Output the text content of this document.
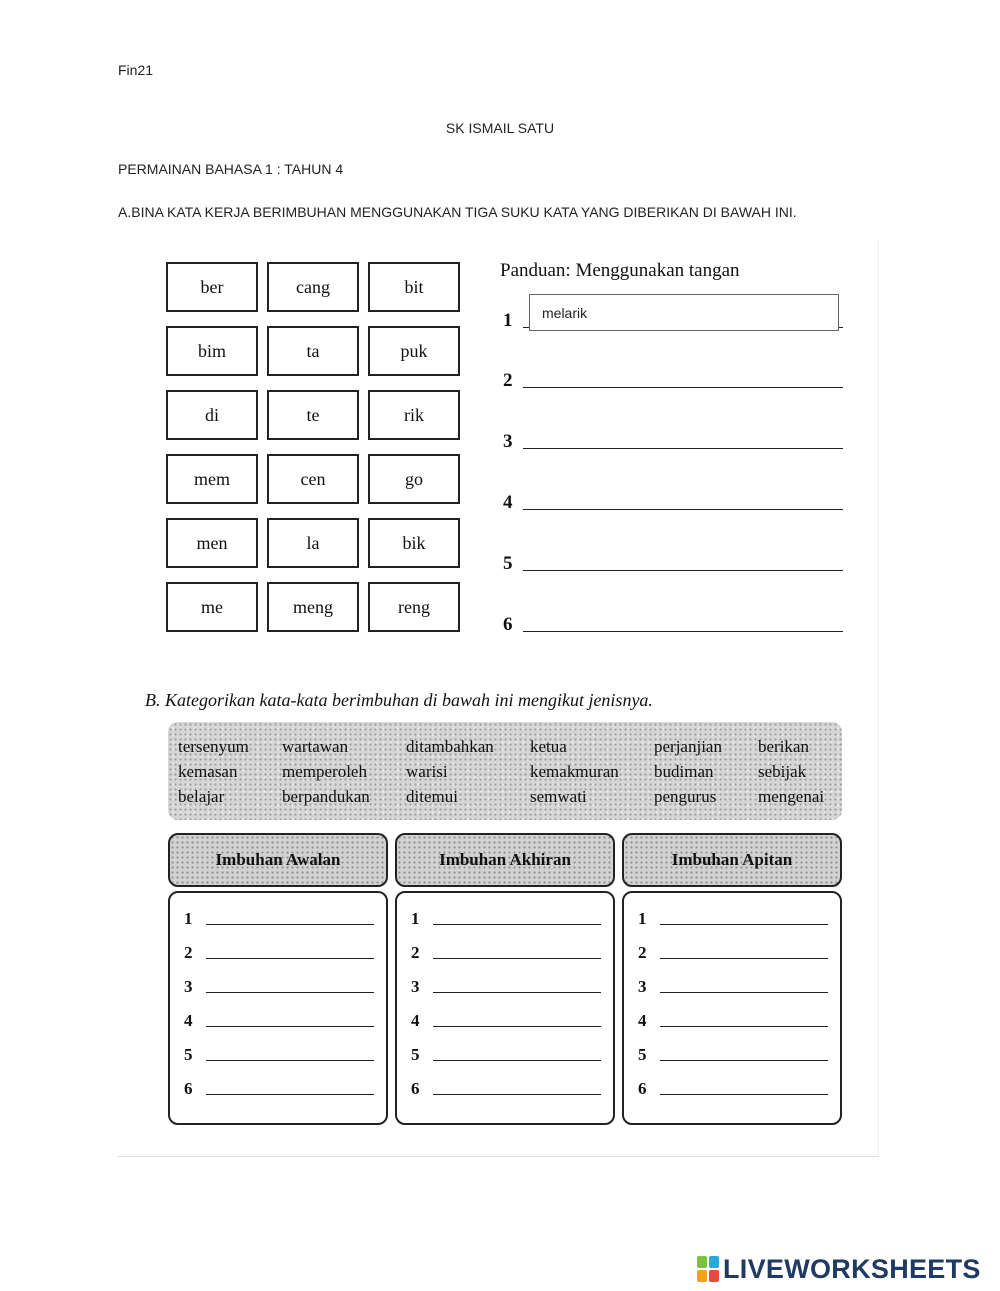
Fin21
SK ISMAIL SATU
PERMAINAN BAHASA 1 : TAHUN 4
A.BINA KATA KERJA BERIMBUHAN MENGGUNAKAN TIGA SUKU KATA YANG DIBERIKAN DI BAWAH INI.
ber	cang	bit
bim	ta	puk
di	te	rik
mem	cen	go
men	la	bik
me	meng	reng
Panduan: Menggunakan tangan
1
2
3
4
5
6
melarik
B. Kategorikan kata-kata berimbuhan di bawah ini mengikut jenisnya.
tersenyum	wartawan	ditambahkan	ketua	perjanjian	berikan
kemasan	memperoleh	warisi	kemakmuran	budiman	sebijak
belajar	berpandukan	ditemui	semwati	pengurus	mengenai
Imbuhan Awalan
1
2
3
4
5
6
Imbuhan Akhiran
1
2
3
4
5
6
Imbuhan Apitan
1
2
3
4
5
6
LIVEWORKSHEETS
